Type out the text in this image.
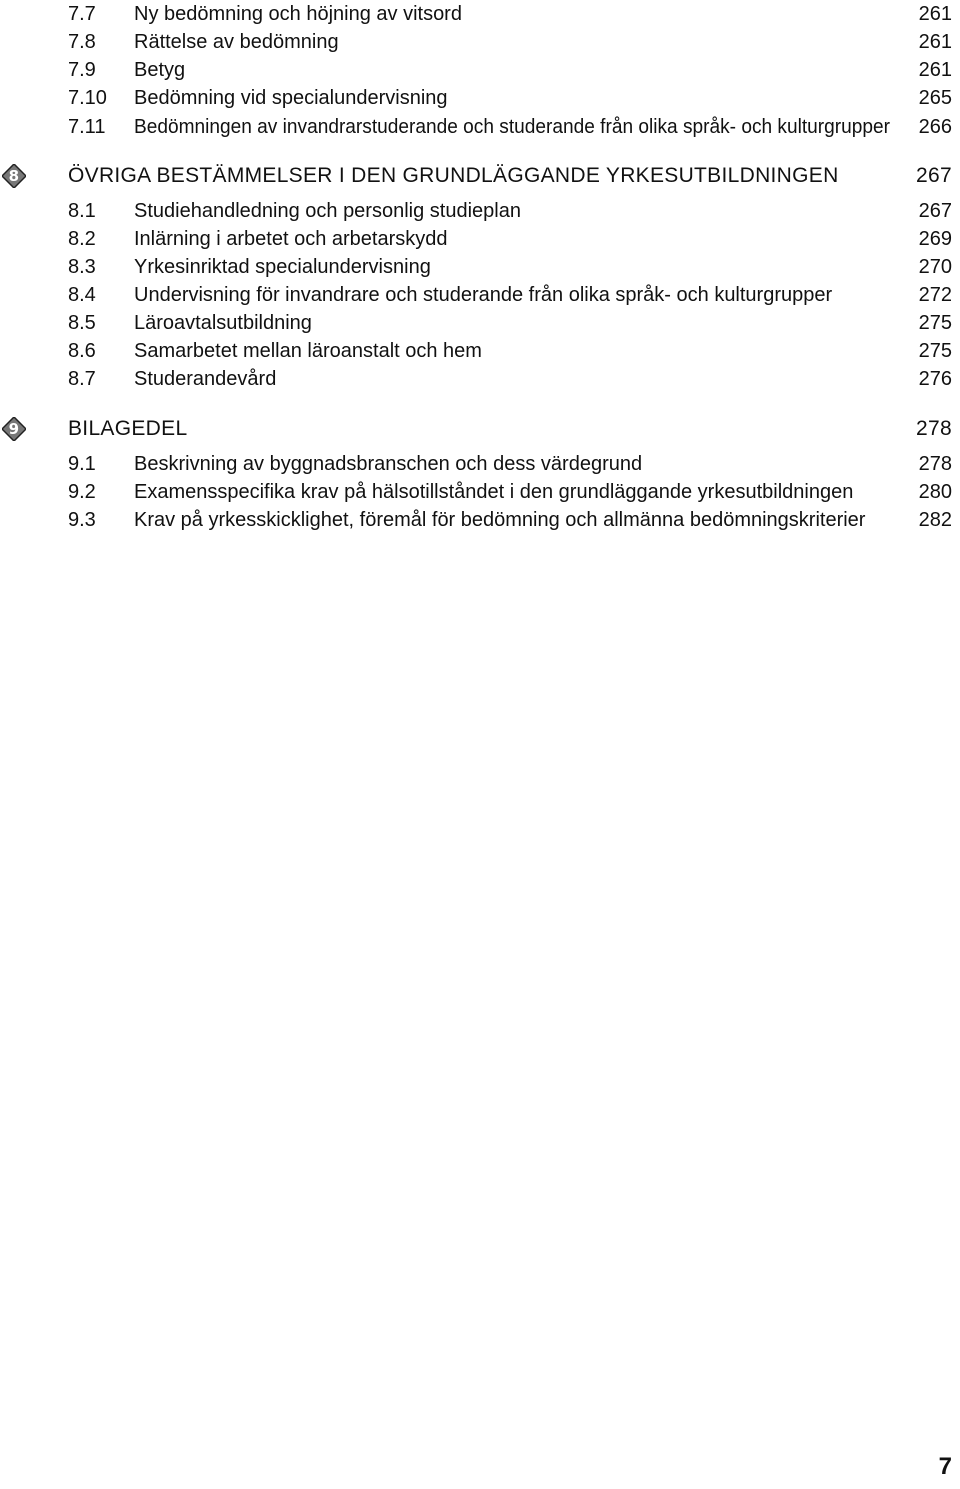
7.7 Ny bedömning och höjning av vitsord	261
7.8 Rättelse av bedömning	261
7.9 Betyg	261
7.10 Bedömning vid specialundervisning	265
7.11 Bedömningen av invandrarstuderande och studerande från olika språk- och kulturgrupper 266
8	ÖVRIGA BESTÄMMELSER I DEN GRUNDLÄGGANDE YRKESUTBILDNINGEN	267
8.1 Studiehandledning och personlig studieplan	267
8.2 Inlärning i arbetet och arbetarskydd	269
8.3 Yrkesinriktad specialundervisning	270
8.4 Undervisning för invandrare och studerande från olika språk- och kulturgrupper	272
8.5 Läroavtalsutbildning	275
8.6 Samarbetet mellan läroanstalt och hem	275
8.7 Studerandevård	276
9	BILAGEDEL	278
9.1 Beskrivning av byggnadsbranschen och dess värdegrund	278
9.2 Examensspecifika krav på hälsotillståndet i den grundläggande yrkesutbildningen	280
9.3 Krav på yrkesskicklighet, föremål för bedömning och allmänna bedömningskriterier	282
7
